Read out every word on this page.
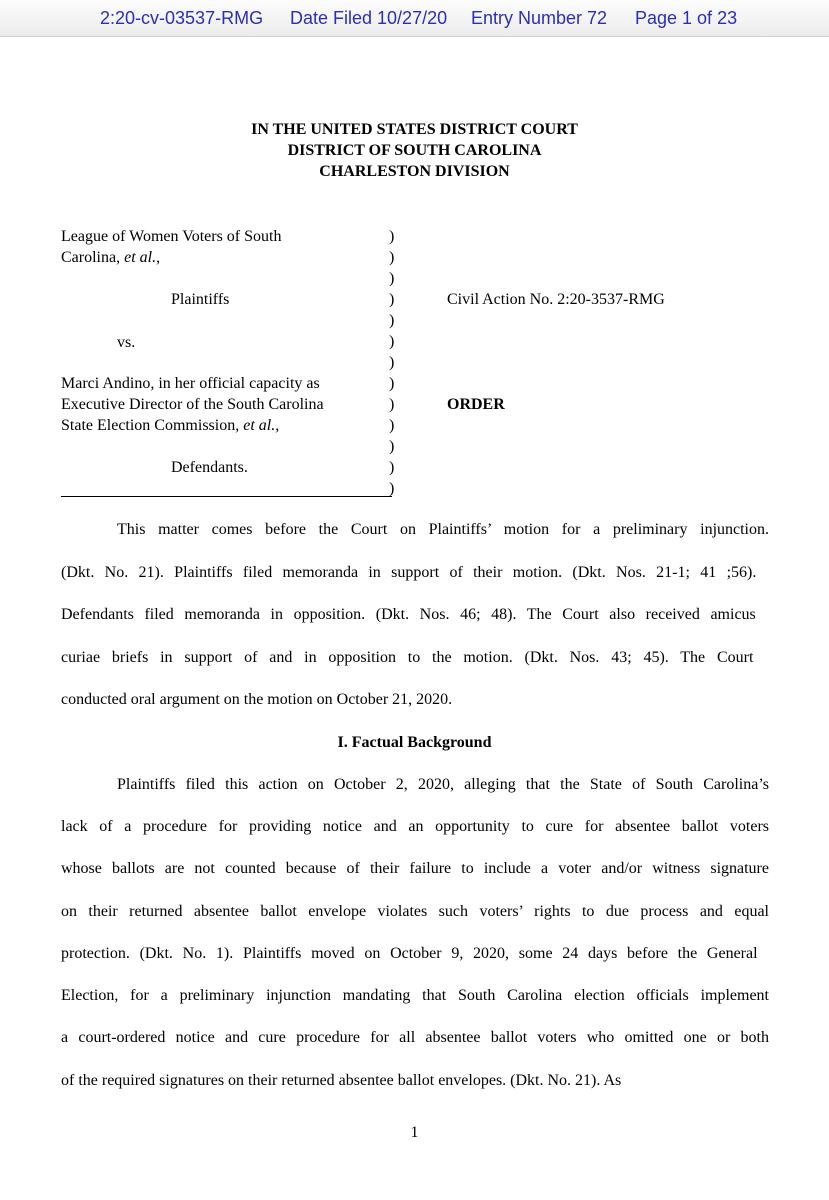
2:20-cv-03537-RMG Date Filed 10/27/20 Entry Number 72 Page 1 of 23
IN THE UNITED STATES DISTRICT COURT
DISTRICT OF SOUTH CAROLINA
CHARLESTON DIVISION
League of Women Voters of South
Carolina, et al.,
Plaintiffs
vs.
Marci Andino, in her official capacity as
Executive Director of the South Carolina
State Election Commission, et al.,
Defendants.
)
)
)
)
)
)
)
)
)
)
)
)
)
Civil Action No. 2:20-3537-RMG
ORDER
This matter comes before the Court on Plaintiffs’ motion for a preliminary injunction.
(Dkt. No. 21). Plaintiffs filed memoranda in support of their motion. (Dkt. Nos. 21-1; 41 ;56).
Defendants filed memoranda in opposition. (Dkt. Nos. 46; 48). The Court also received amicus
curiae briefs in support of and in opposition to the motion. (Dkt. Nos. 43; 45). The Court
conducted oral argument on the motion on October 21, 2020.
I. Factual Background
Plaintiffs filed this action on October 2, 2020, alleging that the State of South Carolina’s
lack of a procedure for providing notice and an opportunity to cure for absentee ballot voters
whose ballots are not counted because of their failure to include a voter and/or witness signature
on their returned absentee ballot envelope violates such voters’ rights to due process and equal
protection. (Dkt. No. 1). Plaintiffs moved on October 9, 2020, some 24 days before the General
Election, for a preliminary injunction mandating that South Carolina election officials implement
a court-ordered notice and cure procedure for all absentee ballot voters who omitted one or both
of the required signatures on their returned absentee ballot envelopes. (Dkt. No. 21). As
1
